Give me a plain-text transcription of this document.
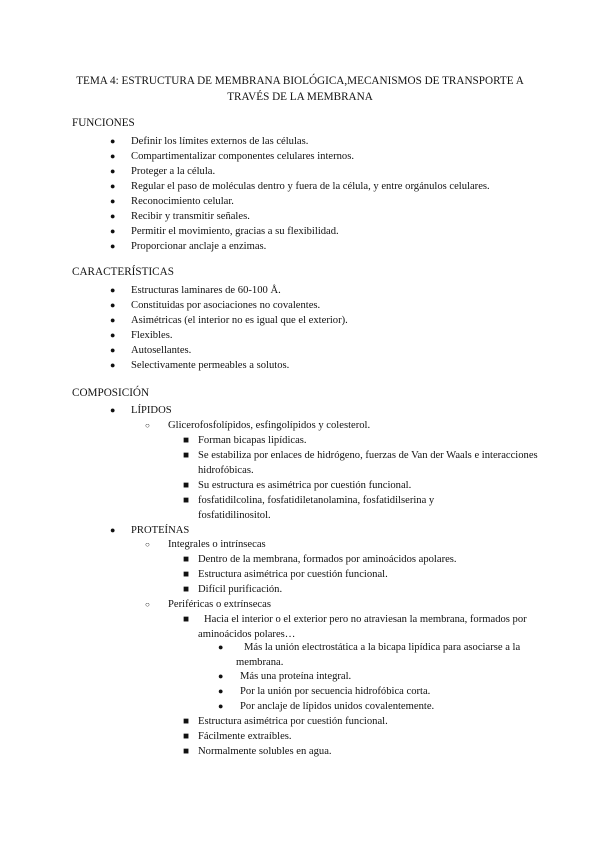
TEMA 4: ESTRUCTURA DE MEMBRANA BIOLÓGICA,MECANISMOS DE TRANSPORTE A TRAVÉS DE LA MEMBRANA
FUNCIONES
● Definir los límites externos de las células.
● Compartimentalizar componentes celulares internos.
● Proteger a la célula.
● Regular el paso de moléculas dentro y fuera de la célula, y entre orgánulos celulares.
● Reconocimiento celular.
● Recibir y transmitir señales.
● Permitir el movimiento, gracias a su flexibilidad.
● Proporcionar anclaje a enzimas.
CARACTERÍSTICAS
● Estructuras laminares de 60-100 Å.
● Constituidas por asociaciones no covalentes.
● Asimétricas (el interior no es igual que el exterior).
● Flexibles.
● Autosellantes.
● Selectivamente permeables a solutos.
COMPOSICIÓN
● LÍPIDOS
○ Glicerofosfolípidos, esfingolípidos y colesterol.
■ Forman bicapas lipídicas.
■ Se estabiliza por enlaces de hidrógeno, fuerzas de Van der Waals e interacciones hidrofóbicas.
■ Su estructura es asimétrica por cuestión funcional.
■ fosfatidilcolina, fosfatidiletanolamina, fosfatidilserina y fosfatidilinositol.
● PROTEÍNAS
○ Integrales o intrínsecas
■ Dentro de la membrana, formados por aminoácidos apolares.
■ Estructura asimétrica por cuestión funcional.
■ Difícil purificación.
○ Periféricas o extrínsecas
■	Hacia el interior o el exterior pero no atraviesan la membrana, formados por aminoácidos polares…
●	Más la unión electrostática a la bicapa lipídica para asociarse a la membrana.
● Más una proteína integral.
● Por la unión por secuencia hidrofóbica corta.
● Por anclaje de lípidos unidos covalentemente.
■ Estructura asimétrica por cuestión funcional.
■ Fácilmente extraíbles.
■ Normalmente solubles en agua.
